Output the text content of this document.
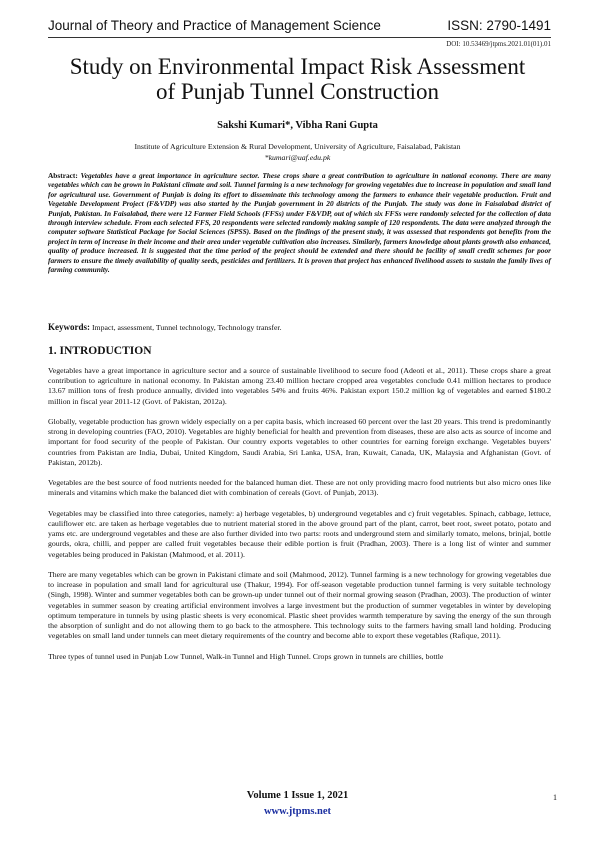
Journal of Theory and Practice of Management Science	ISSN: 2790-1491
DOI: 10.53469/jtpms.2021.01(01).01
Study on Environmental Impact Risk Assessment
of Punjab Tunnel Construction
Sakshi Kumari*, Vibha Rani Gupta
Institute of Agriculture Extension & Rural Development, University of Agriculture, Faisalabad, Pakistan
*kumari@uaf.edu.pk
Abstract: Vegetables have a great importance in agriculture sector. These crops share a great contribution to agriculture in national economy. There are many vegetables which can be grown in Pakistani climate and soil. Tunnel farming is a new technology for growing vegetables due to increase in population and small land for agricultural use. Government of Punjab is doing its effort to disseminate this technology among the farmers to enhance their vegetable production. Fruit and Vegetable Development Project (F&VDP) was also started by the Punjab government in 20 districts of the Punjab. The study was done in Faisalabad district of Punjab, Pakistan. In Faisalabad, there were 12 Farmer Field Schools (FFSs) under F&VDP, out of which six FFSs were randomly selected for the collection of data through interview schedule. From each selected FFS, 20 respondents were selected randomly making sample of 120 respondents. The data were analyzed through the computer software Statistical Package for Social Sciences (SPSS). Based on the findings of the present study, it was assessed that respondents got benefits from the project in term of increase in their income and their area under vegetable cultivation also increases. Similarly, farmers knowledge about plants growth also enhanced, quality of produce increased. It is suggested that the time period of the project should be extended and there should be facility of small credit schemes for poor farmers to ensure the timely availability of quality seeds, pesticides and fertilizers. It is proven that project has enhanced livelihood assets to sustain the family lives of farming community.
Keywords: Impact, assessment, Tunnel technology, Technology transfer.
1. INTRODUCTION

Vegetables have a great importance in agriculture sector and a source of sustainable livelihood to secure food (Adeoti et al., 2011). These crops share a great contribution to agriculture in national economy. In Pakistan among 23.40 million hectare cropped area vegetables conclude 0.41 million hectares to produce 13.67 million tons of fresh produce annually, divided into vegetables 54% and fruits 46%. Pakistan export 150.2 million kg of vegetables and earned $180.2 million in fiscal year 2011-12 (Govt. of Pakistan, 2012a).

Globally, vegetable production has grown widely especially on a per capita basis, which increased 60 percent over the last 20 years. This trend is predominantly strong in developing countries (FAO, 2010). Vegetables are highly beneficial for health and prevention from diseases, these are also acts as source of income and important for food security of the people of Pakistan. Our country exports vegetables to other countries for earning foreign exchange. Vegetables buyers' countries from Pakistan are India, Dubai, United Kingdom, Saudi Arabia, Sri Lanka, USA, Iran, Kuwait, Canada, UK, Malaysia and Afghanistan (Govt. of Pakistan, 2012b).

Vegetables are the best source of food nutrients needed for the balanced human diet. These are not only providing macro food nutrients but also micro ones like minerals and vitamins which make the balanced diet with combination of cereals (Govt. of Punjab, 2013).

Vegetables may be classified into three categories, namely: a) herbage vegetables, b) underground vegetables and c) fruit vegetables. Spinach, cabbage, lettuce, cauliflower etc. are taken as herbage vegetables due to nutrient material stored in the above ground part of the plant, carrot, beet root, sweet potato, potato and yams etc. are underground vegetables and these are also further divided into two parts: roots and underground stem and similarly tomato, melons, brinjal, bottle gourds, okra, chilli, and pepper are called fruit vegetables because their edible portion is fruit (Pradhan, 2003). There is a long list of winter and summer vegetables being produced in Pakistan (Mahmood, et al. 2011).

There are many vegetables which can be grown in Pakistani climate and soil (Mahmood, 2012). Tunnel farming is a new technology for growing vegetables due to increase in population and small land for agricultural use (Thakur, 1994). For off-season vegetable production tunnel farming is very suitable technology (Singh, 1998). Winter and summer vegetables both can be grown-up under tunnel out of their normal growing season (Pradhan, 2003). The production of winter vegetables in summer season by creating artificial environment involves a large investment but the production of summer vegetables in winter by developing optimum temperature in tunnels by using plastic sheets is very economical. Plastic sheet provides warmth temperature by saving the energy of the sun through the absorption of sunlight and do not allowing them to go back to the atmosphere. This technology suits to the farmers having small land holding. Producing vegetables on small land under tunnels can meet dietary requirements of the country and become able to export these vegetables (Rafique, 2011).

Three types of tunnel used in Punjab Low Tunnel, Walk-in Tunnel and High Tunnel. Crops grown in tunnels are chillies, bottle

Volume 1 Issue 1, 2021
www.jtpms.net
1
